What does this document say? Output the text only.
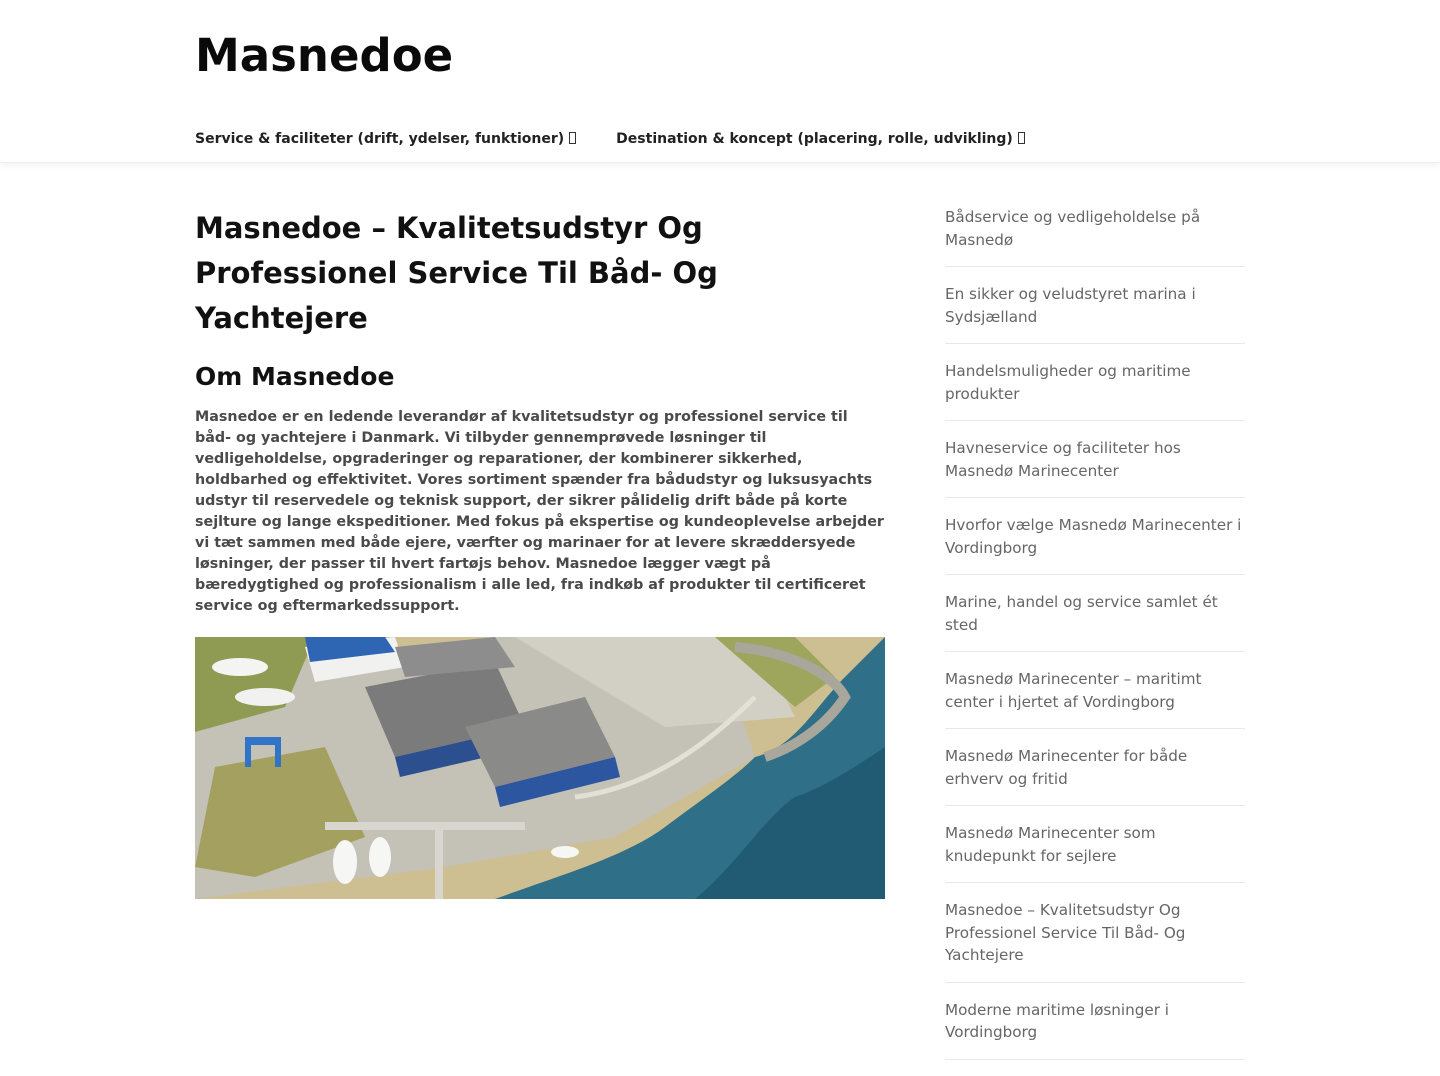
Masnedoe
Service & faciliteter (drift, ydelser, funktioner)	Destination & koncept (placering, rolle, udvikling)
Masnedoe – Kvalitetsudstyr Og Professionel Service Til Båd- Og Yachtejere
Om Masnedoe

Masnedoe er en ledende leverandør af kvalitetsudstyr og professionel service til båd- og yachtejere i Danmark. Vi tilbyder gennemprøvede løsninger til vedligeholdelse, opgraderinger og reparationer, der kombinerer sikkerhed, holdbarhed og effektivitet. Vores sortiment spænder fra bådudstyr og luksusyachts udstyr til reservedele og teknisk support, der sikrer pålidelig drift både på korte sejlture og lange ekspeditioner. Med fokus på ekspertise og kundeoplevelse arbejder vi tæt sammen med både ejere, værfter og marinaer for at levere skræddersyede løsninger, der passer til hvert fartøjs behov. Masnedoe lægger vægt på bæredygtighed og professionalism i alle led, fra indkøb af produkter til certificeret service og eftermarkedssupport.

Bådservice og vedligeholdelse på Masnedø
En sikker og veludstyret marina i Sydsjælland
Handelsmuligheder og maritime produkter
Havneservice og faciliteter hos Masnedø Marinecenter
Hvorfor vælge Masnedø Marinecenter i Vordingborg
Marine, handel og service samlet ét sted
Masnedø Marinecenter – maritimt center i hjertet af Vordingborg
Masnedø Marinecenter for både erhverv og fritid
Masnedø Marinecenter som knudepunkt for sejlere
Masnedoe – Kvalitetsudstyr Og Professionel Service Til Båd- Og Yachtejere
Moderne maritime løsninger i Vordingborg
